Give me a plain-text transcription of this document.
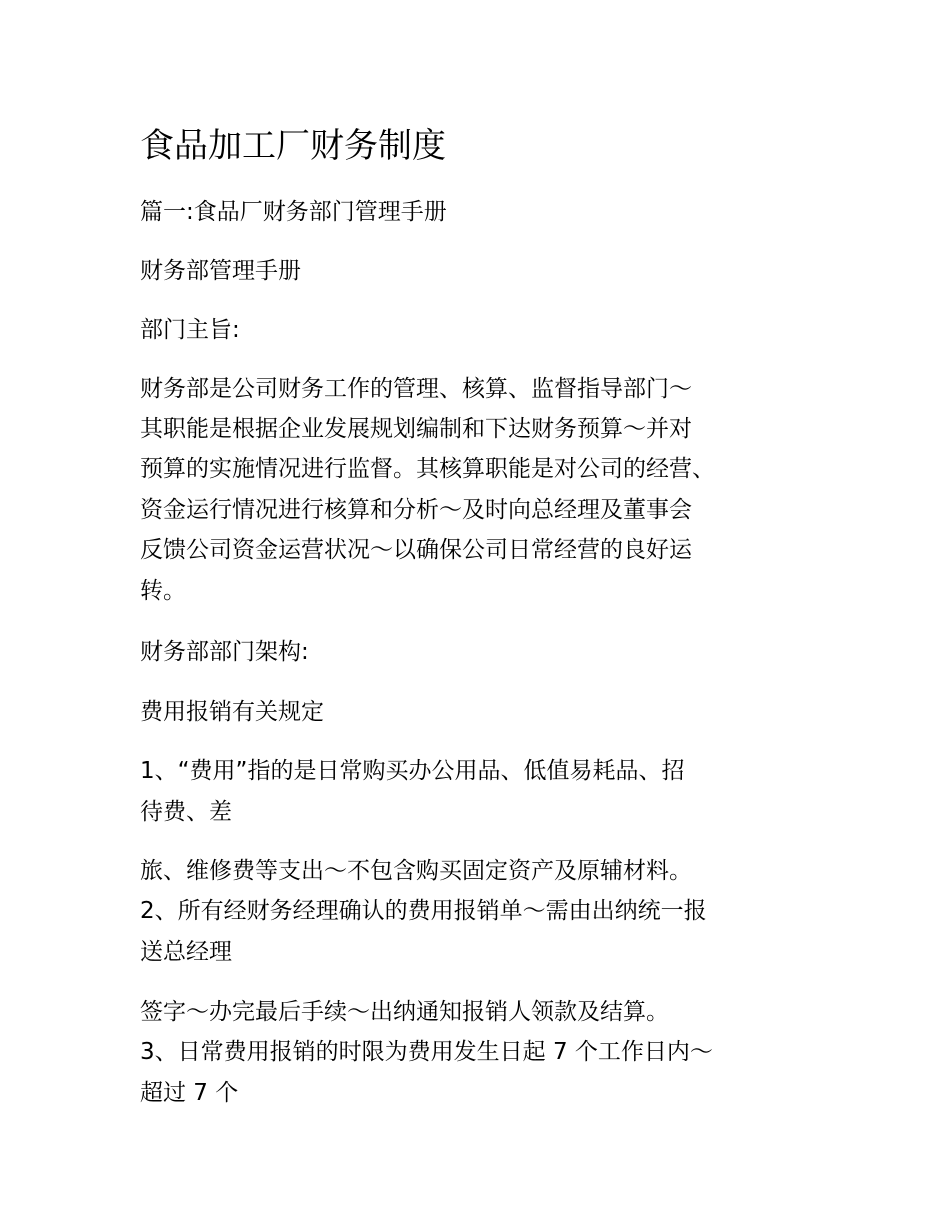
食品加工厂财务制度

篇一:食品厂财务部门管理手册

财务部管理手册

部门主旨:

财务部是公司财务工作的管理、核算、监督指导部门～

其职能是根据企业发展规划编制和下达财务预算～并对

预算的实施情况进行监督。其核算职能是对公司的经营、

资金运行情况进行核算和分析～及时向总经理及董事会

反馈公司资金运营状况～以确保公司日常经营的良好运

转。

财务部部门架构:

费用报销有关规定

1、“费用”指的是日常购买办公用品、低值易耗品、招

待费、差

旅、维修费等支出～不包含购买固定资产及原辅材料。

2、所有经财务经理确认的费用报销单～需由出纳统一报

送总经理

签字～办完最后手续～出纳通知报销人领款及结算。

3、日常费用报销的时限为费用发生日起 7 个工作日内～

超过 7 个
